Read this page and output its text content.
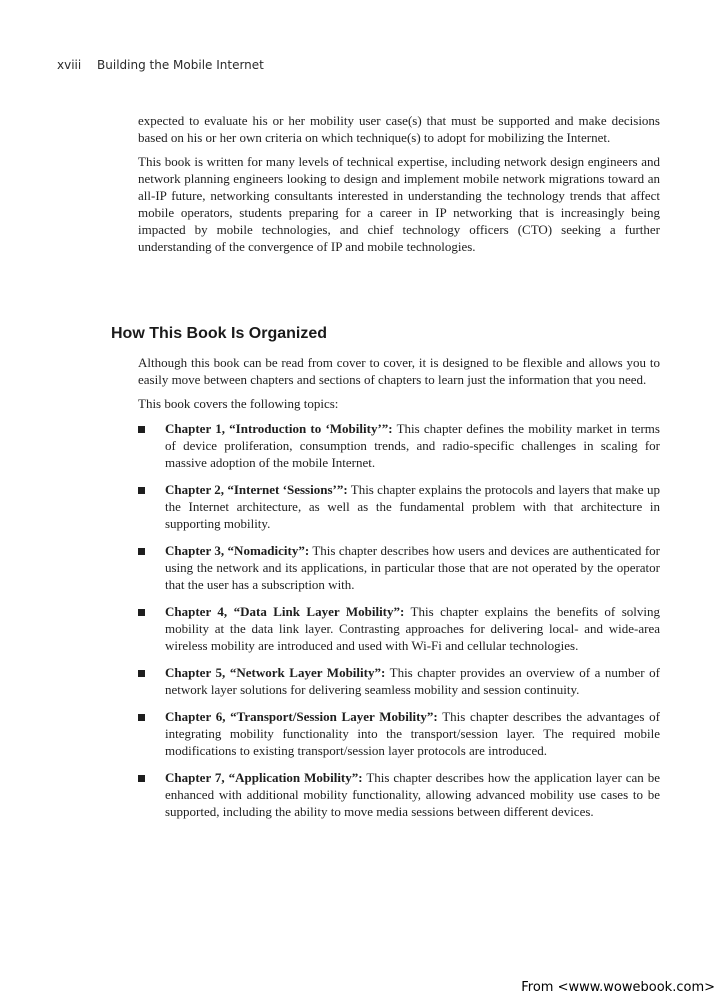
xviii Building the Mobile Internet

expected to evaluate his or her mobility user case(s) that must be supported and make decisions based on his or her own criteria on which technique(s) to adopt for mobilizing the Internet.

This book is written for many levels of technical expertise, including network design engineers and network planning engineers looking to design and implement mobile network migrations toward an all-IP future, networking consultants interested in understanding the technology trends that affect mobile operators, students preparing for a career in IP networking that is increasingly being impacted by mobile technologies, and chief technology officers (CTO) seeking a further understanding of the convergence of IP and mobile technologies.

How This Book Is Organized

Although this book can be read from cover to cover, it is designed to be flexible and allows you to easily move between chapters and sections of chapters to learn just the information that you need.

This book covers the following topics:

Chapter 1, “Introduction to ‘Mobility’”: This chapter defines the mobility market in terms of device proliferation, consumption trends, and radio-specific challenges in scaling for massive adoption of the mobile Internet.
Chapter 2, “Internet ‘Sessions’”: This chapter explains the protocols and layers that make up the Internet architecture, as well as the fundamental problem with that architecture in supporting mobility.
Chapter 3, “Nomadicity”: This chapter describes how users and devices are authenticated for using the network and its applications, in particular those that are not operated by the operator that the user has a subscription with.
Chapter 4, “Data Link Layer Mobility”: This chapter explains the benefits of solving mobility at the data link layer. Contrasting approaches for delivering local- and wide-area wireless mobility are introduced and used with Wi-Fi and cellular technologies.
Chapter 5, “Network Layer Mobility”: This chapter provides an overview of a number of network layer solutions for delivering seamless mobility and session continuity.
Chapter 6, “Transport/Session Layer Mobility”: This chapter describes the advantages of integrating mobility functionality into the transport/session layer. The required mobile modifications to existing transport/session layer protocols are introduced.
Chapter 7, “Application Mobility”: This chapter describes how the application layer can be enhanced with additional mobility functionality, allowing advanced mobility use cases to be supported, including the ability to move media sessions between different devices.
From <www.wowebook.com>
